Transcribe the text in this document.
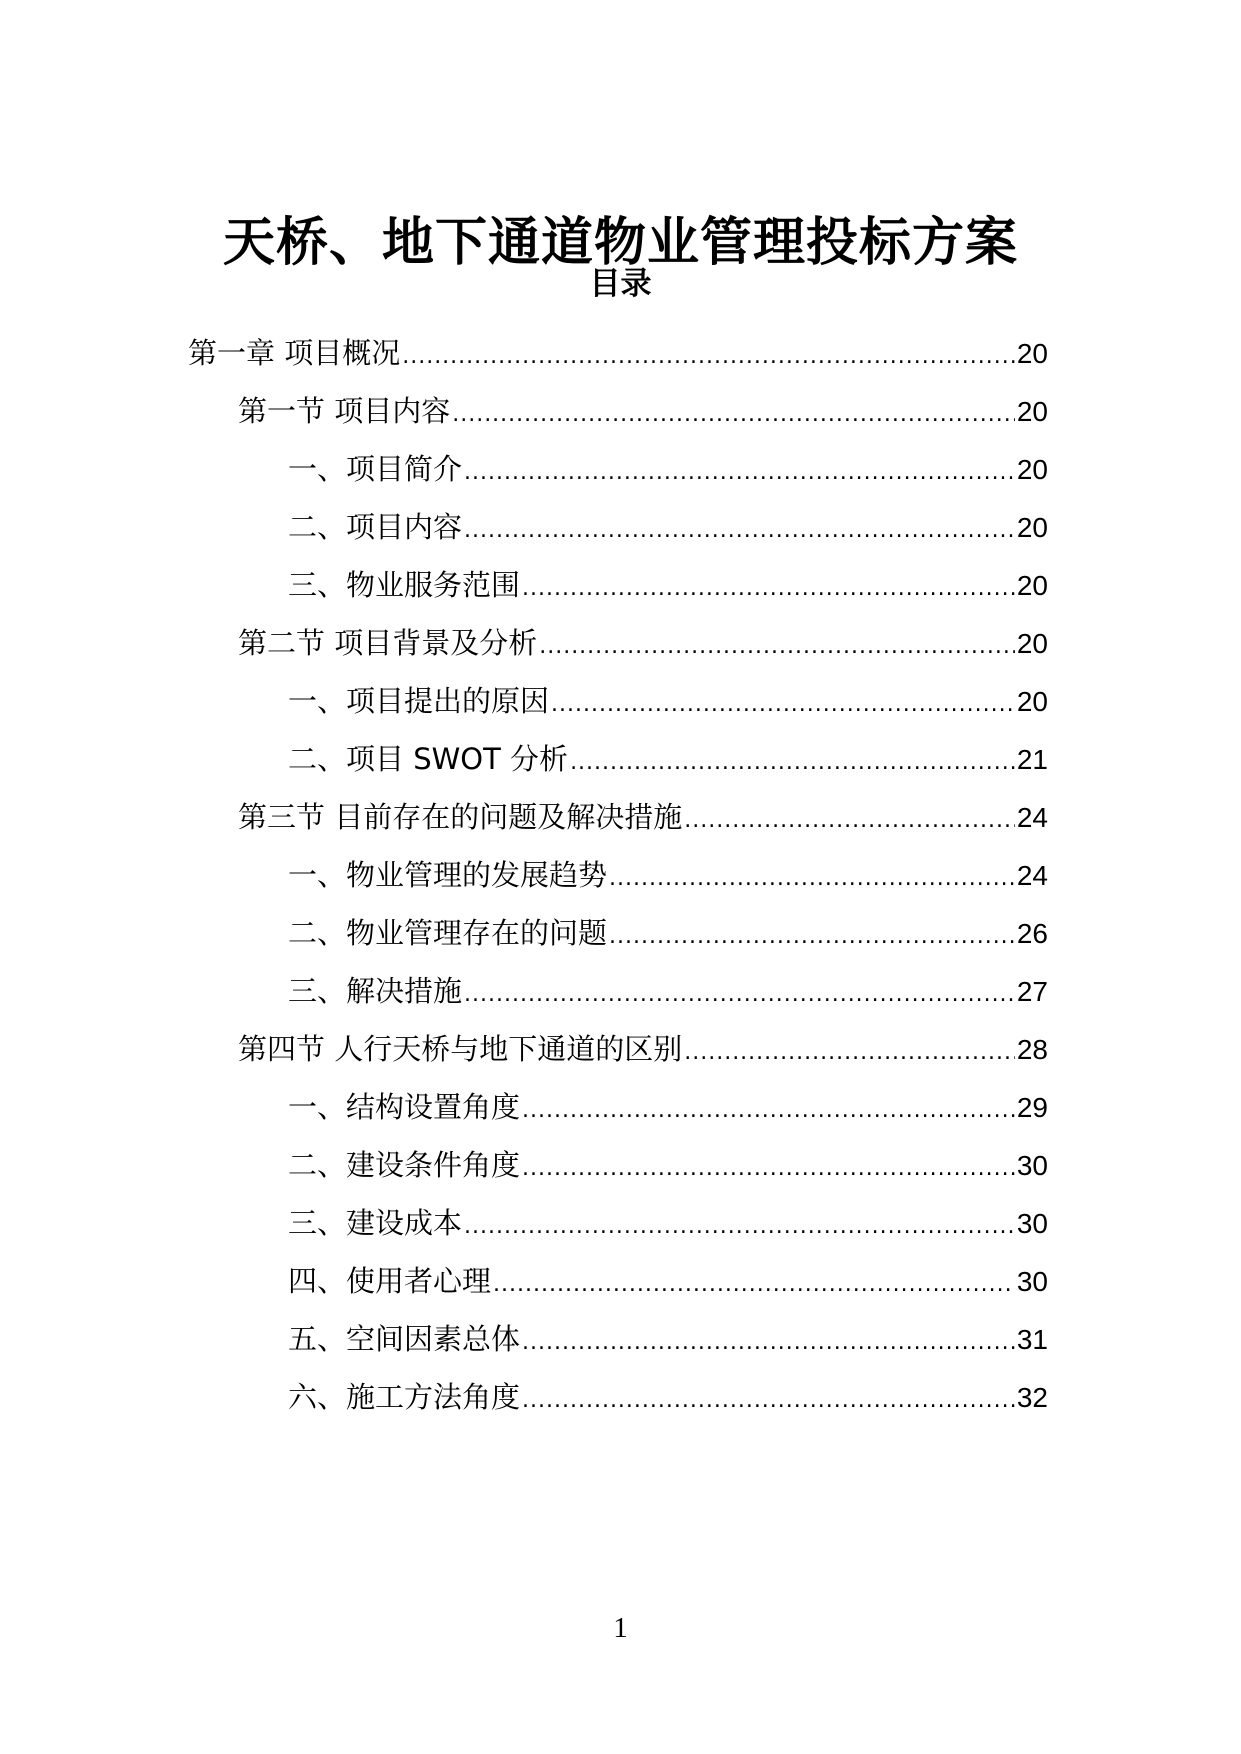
天桥、地下通道物业管理投标方案
目录
第一章 项目概况 .....	20
第一节 项目内容 .....	20
一、项目简介 .....	20
二、项目内容 .....	20
三、物业服务范围 .....	20
第二节 项目背景及分析 .....	20
一、项目提出的原因 .....	20
二、项目 SWOT 分析 .....	21
第三节 目前存在的问题及解决措施 .....	24
一、物业管理的发展趋势 .....	24
二、物业管理存在的问题 .....	26
三、解决措施 .....	27
第四节 人行天桥与地下通道的区别 .....	28
一、结构设置角度 .....	29
二、建设条件角度 .....	30
三、建设成本 .....	30
四、使用者心理 .....	30
五、空间因素总体 .....	31
六、施工方法角度 .....	32
1
